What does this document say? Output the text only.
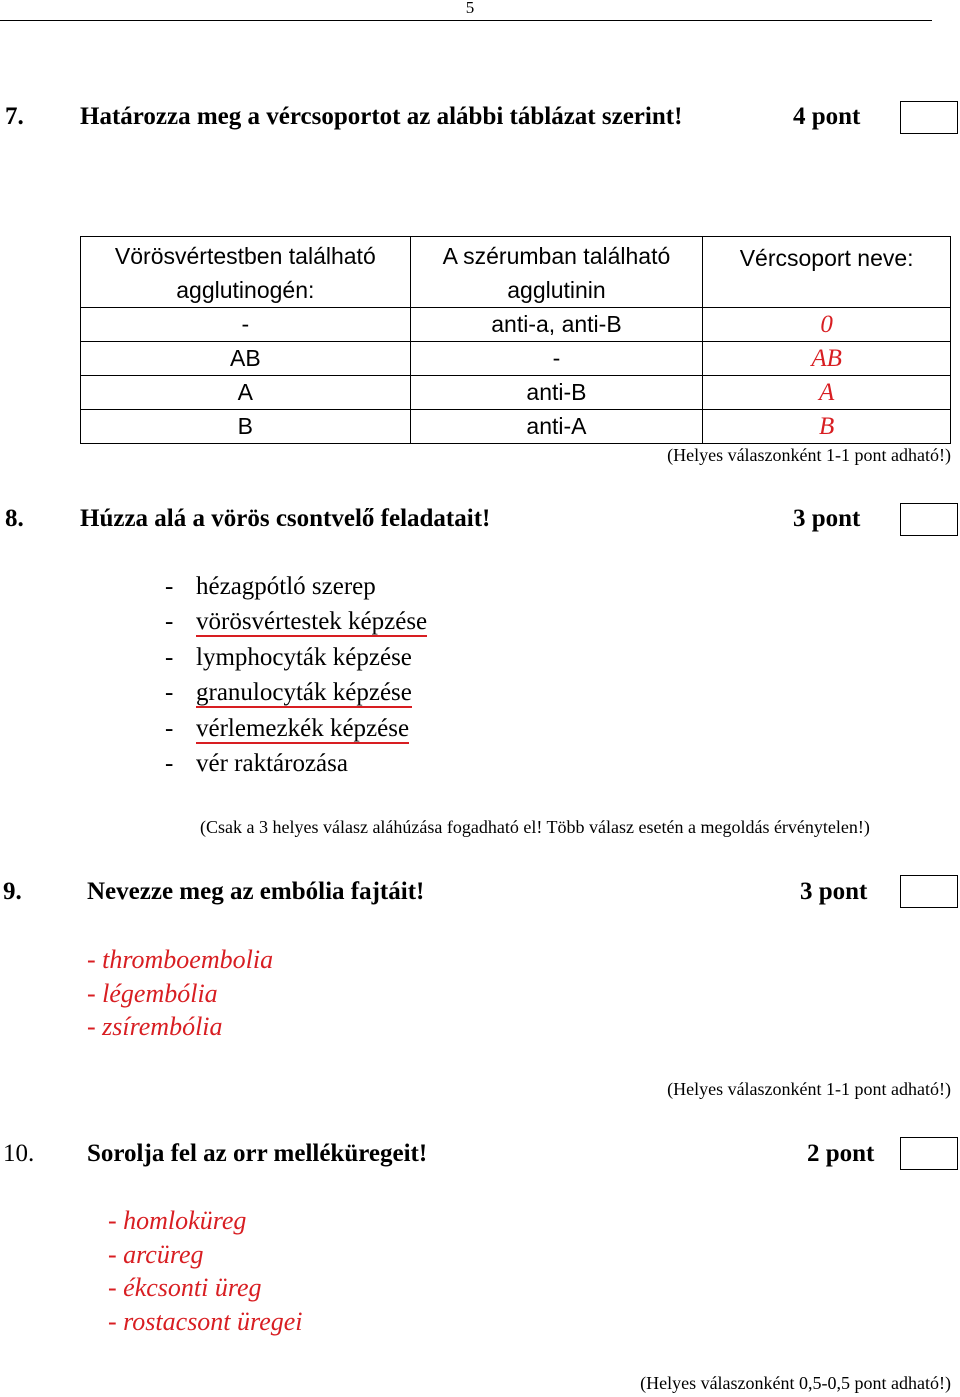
5
7. Határozza meg a vércsoportot az alábbi táblázat szerint!	4 pont
Vörösvértestben található agglutinogén:	A szérumban található agglutinin	Vércsoport neve:
-	anti-a, anti-B	0
AB	-	AB
A	anti-B	A
B	anti-A	B
(Helyes válaszonként 1-1 pont adható!)
8. Húzza alá a vörös csontvelő feladatait!	3 pont
- hézagpótló szerep
- vörösvértestek képzése
- lymphocyták képzése
- granulocyták képzése
- vérlemezkék képzése
- vér raktározása
(Csak a 3 helyes válasz aláhúzása fogadható el! Több válasz esetén a megoldás érvénytelen!)
9.	Nevezze meg az embólia fajtáit!	3 pont
- thromboembolia
- légembólia
- zsírembólia
(Helyes válaszonként 1-1 pont adható!)
10. Sorolja fel az orr melléküregeit!	2 pont
- homloküreg
- arcüreg
- ékcsonti üreg
- rostacsont üregei
(Helyes válaszonként 0,5-0,5 pont adható!)
